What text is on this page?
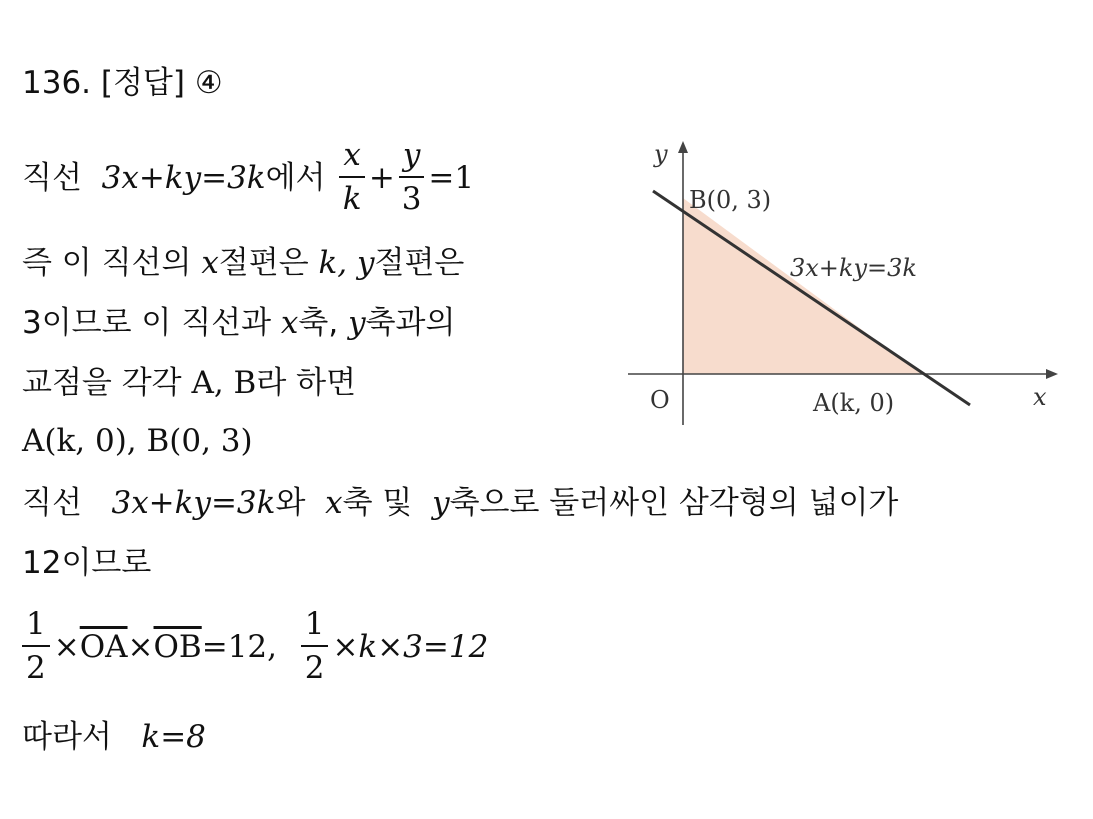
136. [정답] ④
직선
3x+ky=3k 에서
$\frac{x}{k} + \frac{y}{3} =1$
즉 이 직선의 x절편은 k, y절편은
3이므로 이 직선과 x축, y축과의
교점을 각각 A, B라 하면
A(k, 0), B(0, 3)
직선 3x+ky=3k와 x축 및 y축으로 둘러싸인 삼각형의 넓이가
12이므로
$\frac{1}{2} \times \overline{OA} \times \overline{OB} =12$,
$\frac{1}{2} \times k\times 3=12$
따라서 k=8
y
x
O
B(0, 3)
A(k, 0)
3x+ky=3k
